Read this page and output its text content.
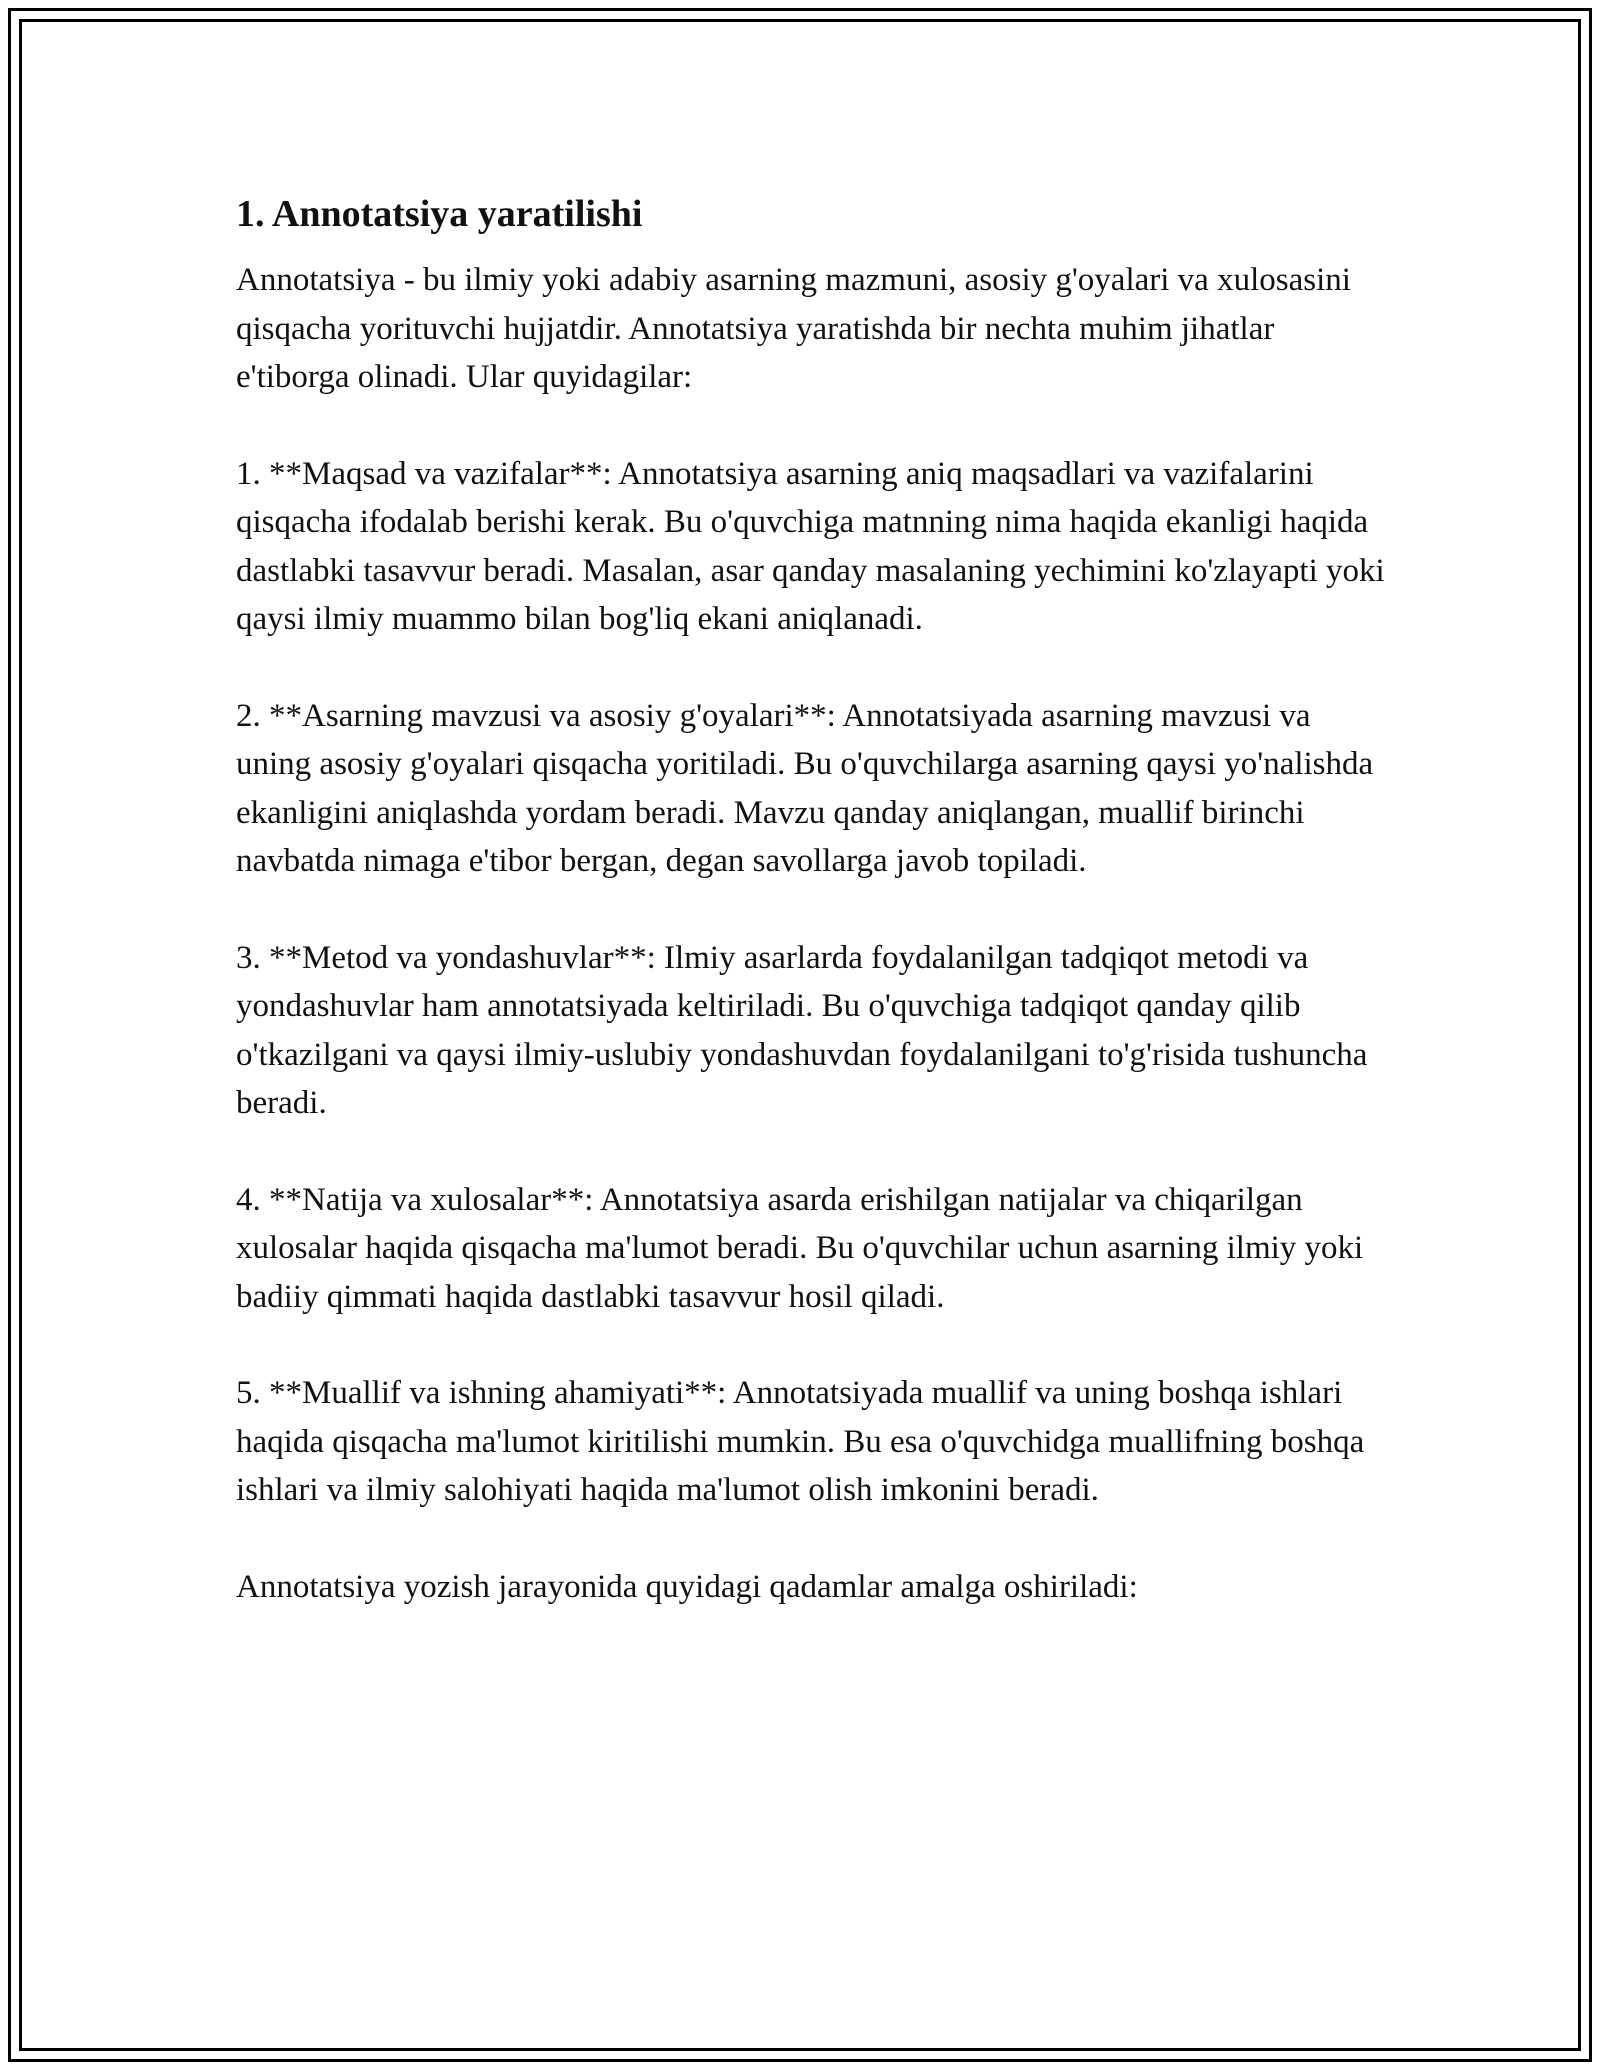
1. Annotatsiya yaratilishi

Annotatsiya - bu ilmiy yoki adabiy asarning mazmuni, asosiy g'oyalari va xulosasini qisqacha yorituvchi hujjatdir. Annotatsiya yaratishda bir nechta muhim jihatlar e'tiborga olinadi. Ular quyidagilar:

1. **Maqsad va vazifalar**: Annotatsiya asarning aniq maqsadlari va vazifalarini qisqacha ifodalab berishi kerak. Bu o'quvchiga matnning nima haqida ekanligi haqida dastlabki tasavvur beradi. Masalan, asar qanday masalaning yechimini ko'zlayapti yoki qaysi ilmiy muammo bilan bog'liq ekani aniqlanadi.

2. **Asarning mavzusi va asosiy g'oyalari**: Annotatsiyada asarning mavzusi va uning asosiy g'oyalari qisqacha yoritiladi. Bu o'quvchilarga asarning qaysi yo'nalishda ekanligini aniqlashda yordam beradi. Mavzu qanday aniqlangan, muallif birinchi navbatda nimaga e'tibor bergan, degan savollarga javob topiladi.

3. **Metod va yondashuvlar**: Ilmiy asarlarda foydalanilgan tadqiqot metodi va yondashuvlar ham annotatsiyada keltiriladi. Bu o'quvchiga tadqiqot qanday qilib o'tkazilgani va qaysi ilmiy-uslubiy yondashuvdan foydalanilgani to'g'risida tushuncha beradi.

4. **Natija va xulosalar**: Annotatsiya asarda erishilgan natijalar va chiqarilgan xulosalar haqida qisqacha ma'lumot beradi. Bu o'quvchilar uchun asarning ilmiy yoki badiiy qimmati haqida dastlabki tasavvur hosil qiladi.

5. **Muallif va ishning ahamiyati**: Annotatsiyada muallif va uning boshqa ishlari haqida qisqacha ma'lumot kiritilishi mumkin. Bu esa o'quvchidga muallifning boshqa ishlari va ilmiy salohiyati haqida ma'lumot olish imkonini beradi.

Annotatsiya yozish jarayonida quyidagi qadamlar amalga oshiriladi:
